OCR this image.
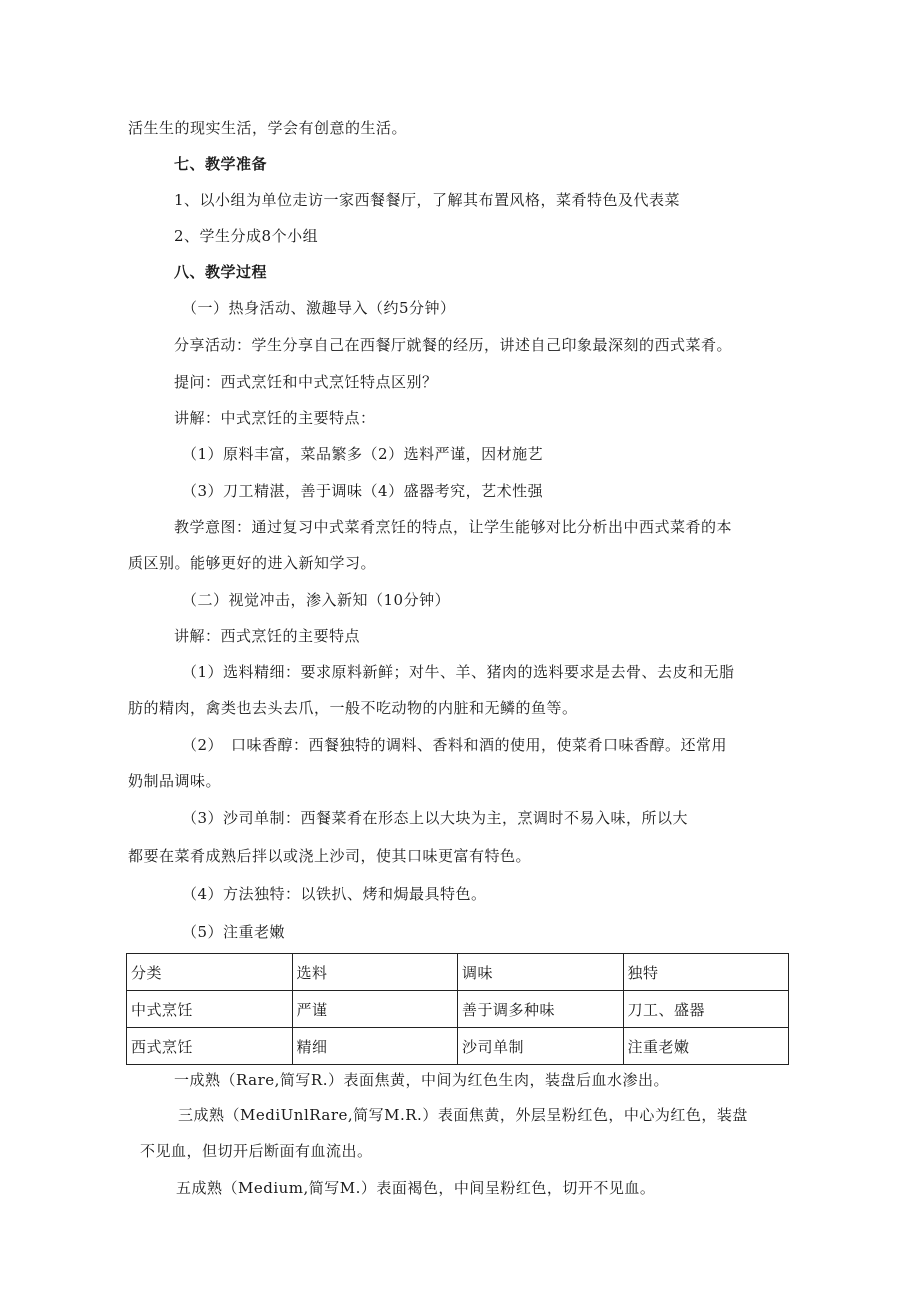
活生生的现实生活，学会有创意的生活。
七、教学准备
1、以小组为单位走访一家西餐餐厅，了解其布置风格，菜肴特色及代表菜
2、学生分成8个小组
八、教学过程
（一）热身活动、激趣导入（约5分钟）
分享活动：学生分享自己在西餐厅就餐的经历，讲述自己印象最深刻的西式菜肴。
提问：西式烹饪和中式烹饪特点区别？
讲解：中式烹饪的主要特点：
（1）原料丰富，菜品繁多（2）选料严谨，因材施艺
（3）刀工精湛，善于调味（4）盛器考究，艺术性强
教学意图：通过复习中式菜肴烹饪的特点，让学生能够对比分析出中西式菜肴的本
质区别。能够更好的进入新知学习。
（二）视觉冲击，渗入新知（10分钟）
讲解：西式烹饪的主要特点
（1）选料精细：要求原料新鲜；对牛、羊、猪肉的选料要求是去骨、去皮和无脂
肪的精肉，禽类也去头去爪，一般不吃动物的内脏和无鳞的鱼等。
（2）　口味香醇：西餐独特的调料、香料和酒的使用，使菜肴口味香醇。还常用
奶制品调味。
（3）沙司单制：西餐菜肴在形态上以大块为主，烹调时不易入味，所以大
都要在菜肴成熟后拌以或浇上沙司，使其口味更富有特色。
（4）方法独特：以铁扒、烤和焗最具特色。
（5）注重老嫩
分类	选料	调味	独特
中式烹饪	严谨	善于调多种味	刀工、盛器
西式烹饪	精细	沙司单制	注重老嫩
一成熟（Rare,简写R.）表面焦黄，中间为红色生肉，装盘后血水渗出。
三成熟（MediUnlRare,简写M.R.）表面焦黄，外层呈粉红色，中心为红色，装盘
不见血，但切开后断面有血流出。
五成熟（Medium,简写M.）表面褐色，中间呈粉红色，切开不见血。
